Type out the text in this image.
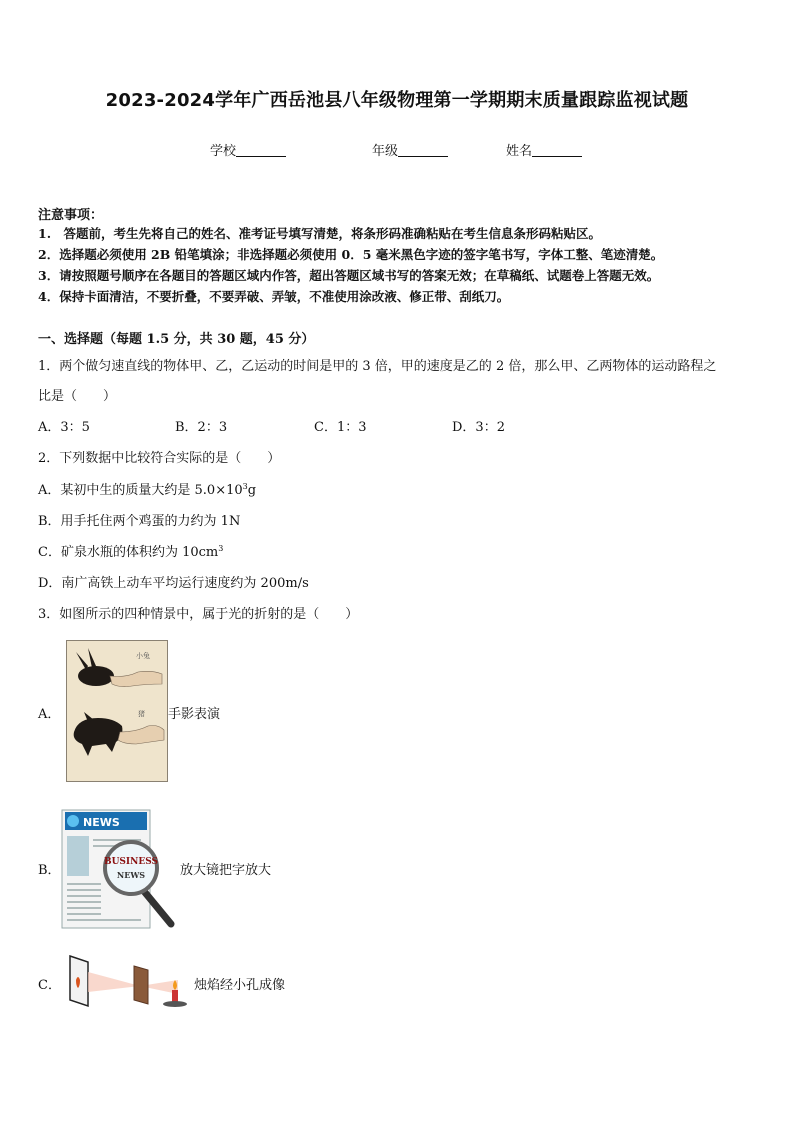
2023-2024学年广西岳池县八年级物理第一学期期末质量跟踪监视试题
学校	年级	姓名
注意事项：
1.　答题前，考生先将自己的姓名、准考证号填写清楚，将条形码准确粘贴在考生信息条形码粘贴区。
2．选择题必须使用 2B 铅笔填涂；非选择题必须使用 0．5 毫米黑色字迹的签字笔书写，字体工整、笔迹清楚。
3．请按照题号顺序在各题目的答题区域内作答，超出答题区域书写的答案无效；在草稿纸、试题卷上答题无效。
4．保持卡面清洁，不要折叠，不要弄破、弄皱，不准使用涂改液、修正带、刮纸刀。
一、选择题（每题 1.5 分，共 30 题，45 分）
1．两个做匀速直线的物体甲、乙，乙运动的时间是甲的 3 倍，甲的速度是乙的 2 倍，那么甲、乙两物体的运动路程之
比是（　　）
A．3：5	B．2：3	C．1：3	D．3：2
2．下列数据中比较符合实际的是（　　）
A．某初中生的质量大约是 $5.0\times 10^3g$
B．用手托住两个鸡蛋的力约为 1N
C．矿泉水瓶的体积约为 $10cm^3$
D．南广高铁上动车平均运行速度约为 200m/s
3．如图所示的四种情景中，属于光的折射的是（　　）
A．
小兔
猪 手影表演
B．
NEWS
BUSINESS
NEWS	放大镜把字放大
C．	烛焰经小孔成像
